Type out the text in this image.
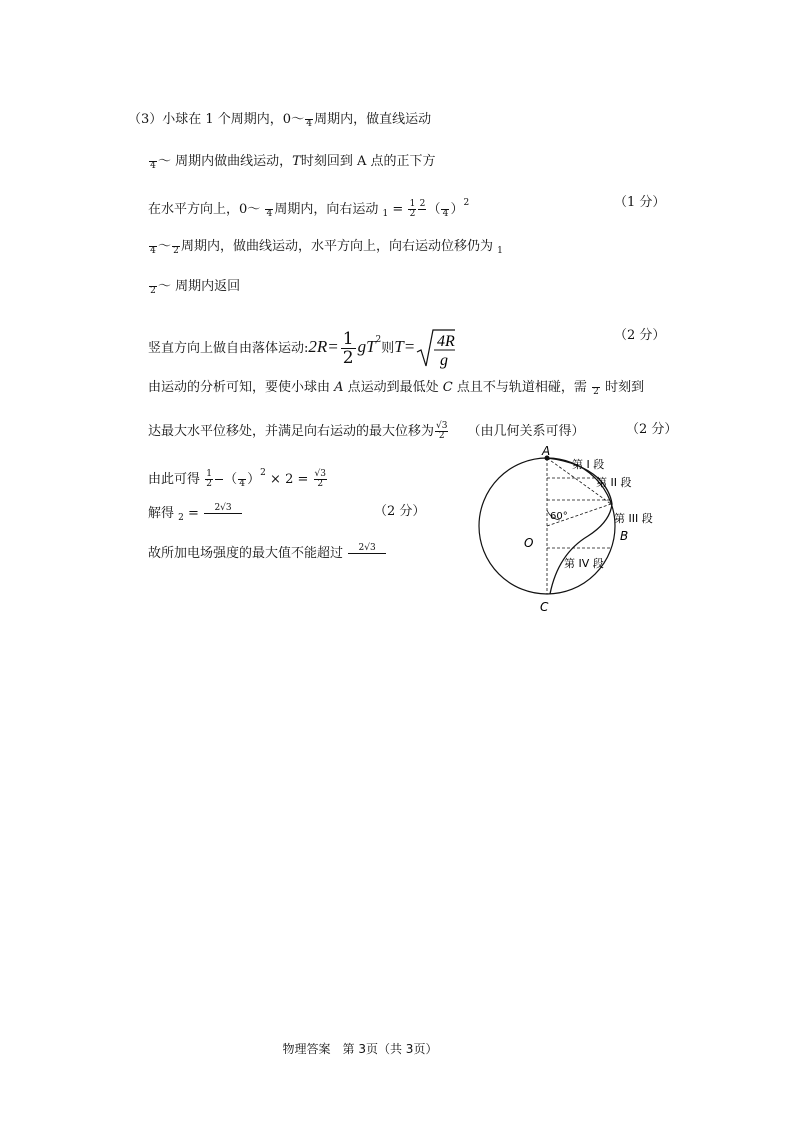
（3）小球在 1 个周期内，0～ 4 周期内，做直线运动
4 ～ 周期内做曲线运动，T时刻回到 A 点的正下方
在水平方向上，0～ 4 周期内，向右运动 $_1 = \frac{1}{2} 2$ （ 4 ）$^2$	（1 分）
4 ～ 2 周期内，做曲线运动，水平方向上，向右运动位移仍为 $_1$
2 ～ 周期内返回
竖直方向上做自由落体运动:2R= $\frac{1}{2} gT^2$则T= 4R
g
（2 分）
由运动的分析可知，要使小球由 A 点运动到最低处 C 点且不与轨道相碰，需 2 时刻到
达最大水平位移处，并满足向右运动的最大位移为 $\frac{√3}{2}$ （由几何关系可得）	（2 分）
由此可得 $\frac{1}{2}$ （ 4 ）$^2 \times 2 = \frac{√3}{2}$
解得 $_2$ =	2√3	（2 分）
故所加电场强度的最大值不能超过	2√3
A
B
C
O
60°
第 I 段
第 II 段
第 III 段
第 IV 段
物理答案　第 3页（共 3页）
